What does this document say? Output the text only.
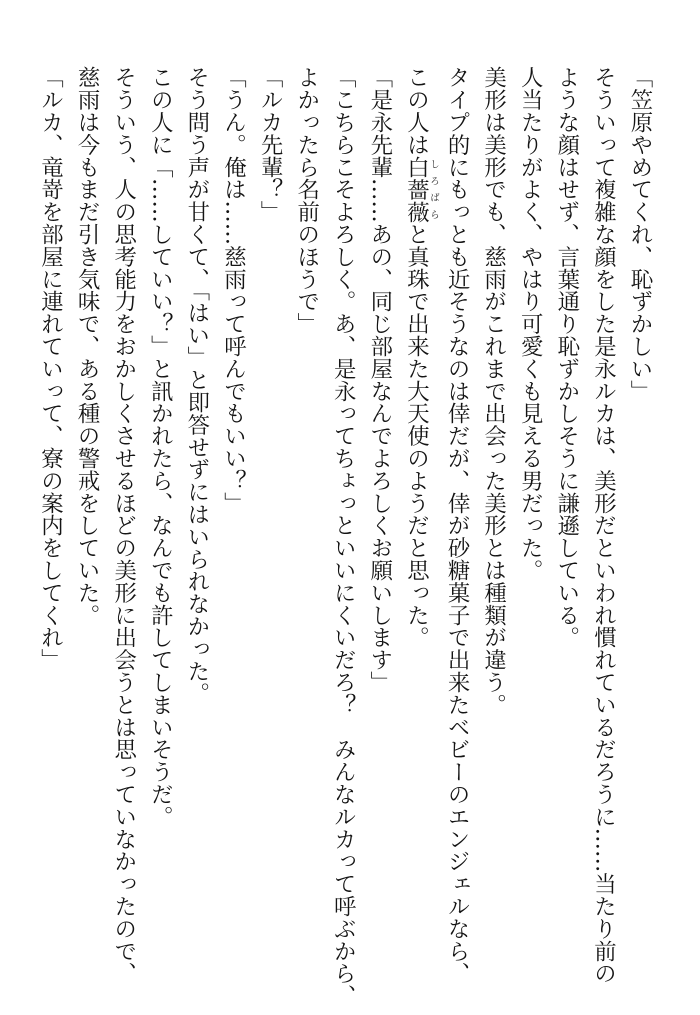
「笠原やめてくれ、恥ずかしい」
そういって複雑な顔をした是永ルカは、美形だといわれ慣れているだろうに……当たり前の
ような顔はせず、言葉通り恥ずかしそうに謙遜している。
人当たりがよく、やはり可愛くも見える男だった。
美形は美形でも、慈雨がこれまで出会った美形とは種類が違う。
タイプ的にもっとも近そうなのは倖だが、倖が砂糖菓子で出来たベビーのエンジェルなら、
この人は白薔薇しろばらと真珠で出来た大天使のようだと思った。
「是永先輩……あの、同じ部屋なんでよろしくお願いします」
「こちらこそよろしく。あ、是永ってちょっといいにくいだろ？　みんなルカって呼ぶから、
よかったら名前のほうで」
「ルカ先輩？」
「うん。俺は……慈雨って呼んでもいい？」
そう問う声が甘くて、「はい」と即答せずにはいられなかった。
この人に「……していい？」と訊かれたら、なんでも許してしまいそうだ。
そういう、人の思考能力をおかしくさせるほどの美形に出会うとは思っていなかったので、
慈雨は今もまだ引き気味で、ある種の警戒をしていた。
「ルカ、竜嵜を部屋に連れていって、寮の案内をしてくれ」
